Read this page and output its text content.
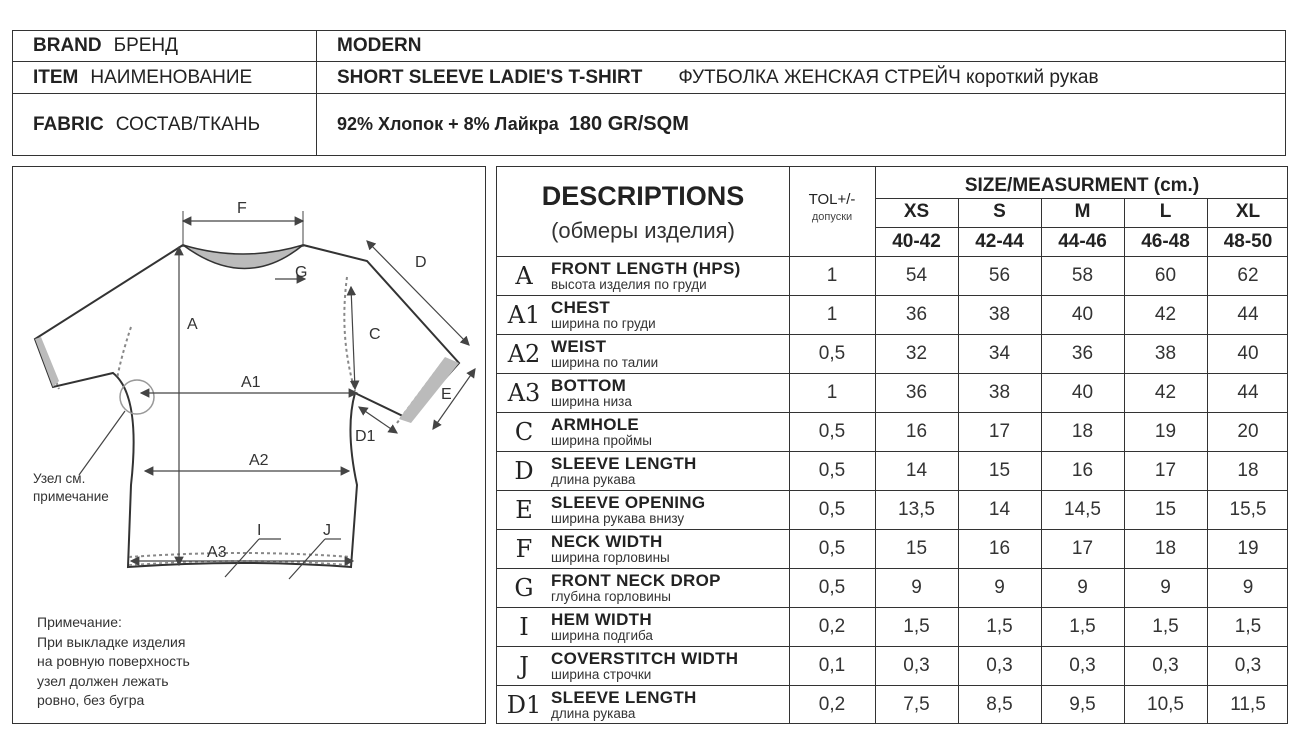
BRAND БРЕНД	MODERN
ITEM НАИМЕНОВАНИЕ	SHORT SLEEVE LADIE'S T-SHIRT ФУТБОЛКА ЖЕНСКАЯ СТРЕЙЧ короткий рукав
FABRIC СОСТАВ/ТКАНЬ	92% Хлопок + 8% Лайкра 180 GR/SQM
F
G
D
A
C
A1
E
D1
A2
A3
I	J
Узел см.
примечание
Примечание:
При выкладке изделия
на ровную поверхность
узел должен лежать
ровно, без бугра
DESCRIPTIONS
(обмеры изделия)
TOL+/-
допуски
SIZE/MEASURMENT (cm.)
XS	S	M	L	XL
40-42	42-44	44-46	46-48	48-50
A	FRONT LENGTH (HPS)
высота изделия по груди	1	54	56	58	60	62
A1 CHEST
ширина по груди	1	36	38	40	42	44
A2 WEIST
ширина по талии	0,5	32	34	36	38	40
A3 BOTTOM
ширина низа	1	36	38	40	42	44
C	ARMHOLE
ширина проймы	0,5	16	17	18	19	20
D	SLEEVE LENGTH
длина рукава	0,5	14	15	16	17	18
E	SLEEVE OPENING
ширина рукава внизу	0,5	13,5	14	14,5	15	15,5
F	NECK WIDTH
ширина горловины	0,5	15	16	17	18	19
G	FRONT NECK DROP
глубина горловины	0,5	9	9	9	9	9
I	HEM WIDTH
ширина подгиба	0,2	1,5	1,5	1,5	1,5	1,5
J	COVERSTITCH WIDTH
ширина строчки	0,1	0,3	0,3	0,3	0,3	0,3
D1 SLEEVE LENGTH
длина рукава	0,2	7,5	8,5	9,5	10,5	11,5
